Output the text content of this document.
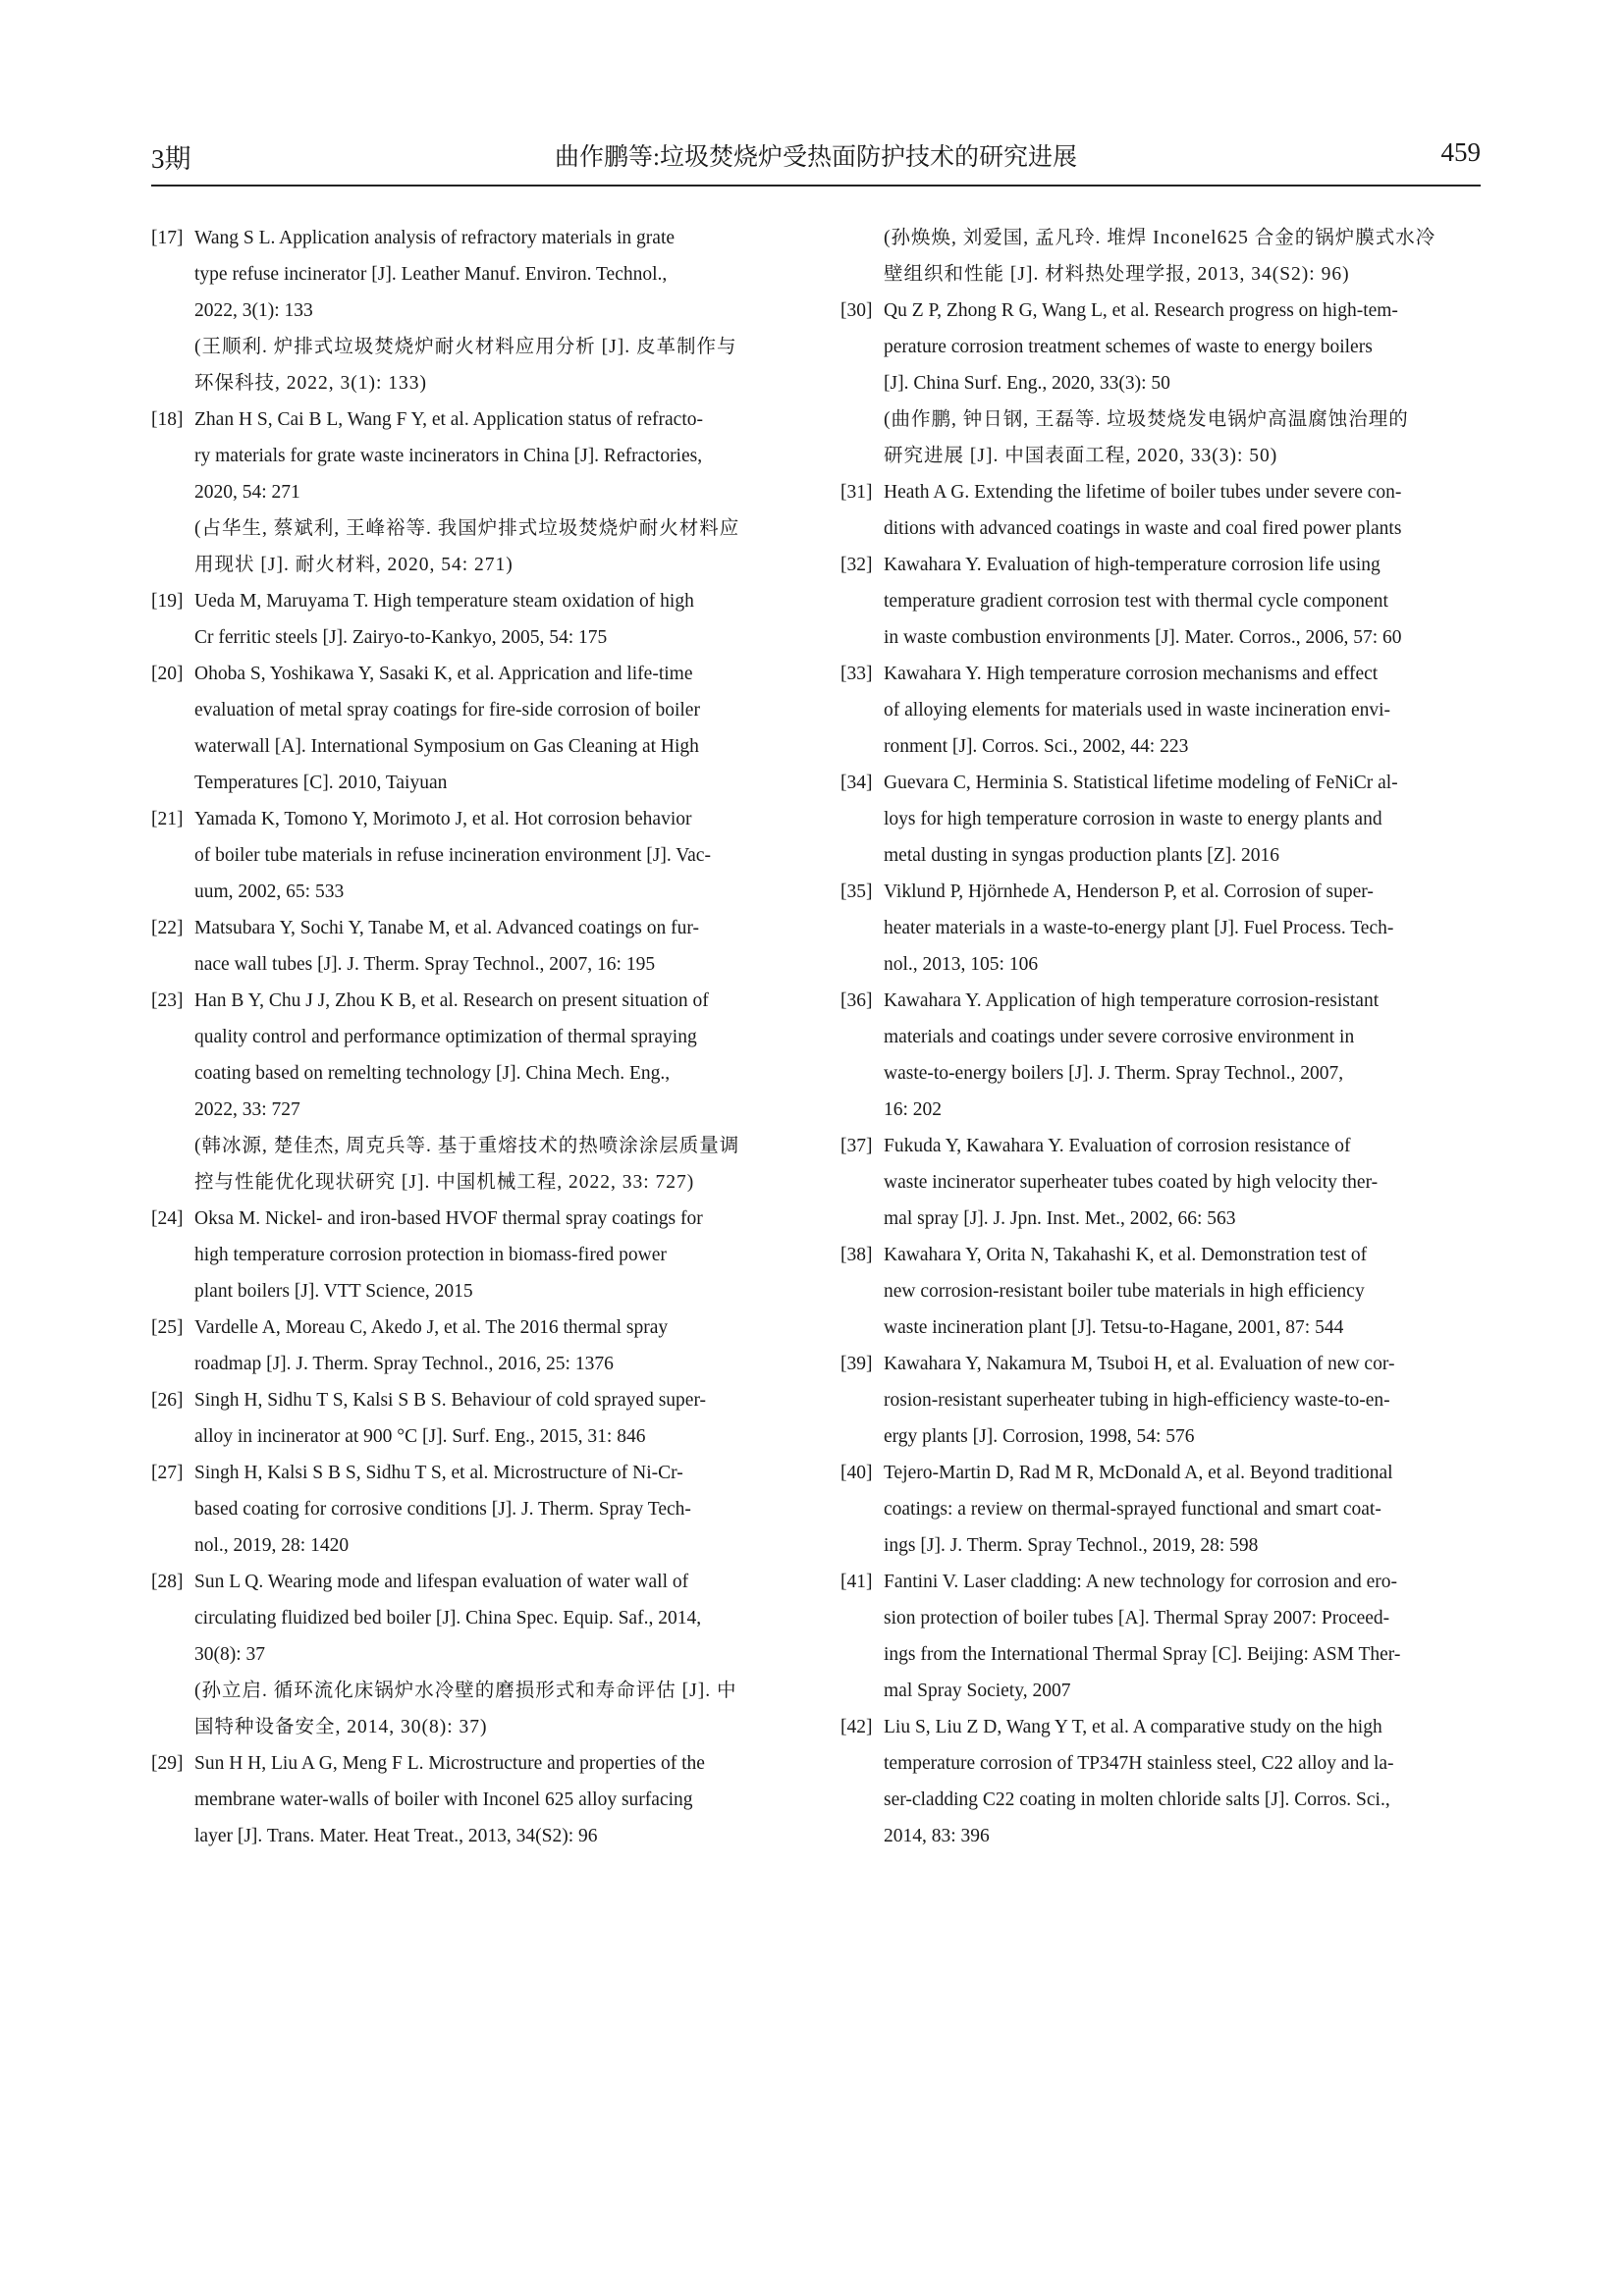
3期	曲作鹏等:垃圾焚烧炉受热面防护技术的研究进展	459
[17] Wang S L. Application analysis of refractory materials in grate
type refuse incinerator [J]. Leather Manuf. Environ. Technol.,
2022, 3(1): 133
(王顺利. 炉排式垃圾焚烧炉耐火材料应用分析 [J]. 皮革制作与
环保科技, 2022, 3(1): 133)
[18] Zhan H S, Cai B L, Wang F Y, et al. Application status of refracto-
ry materials for grate waste incinerators in China [J]. Refractories,
2020, 54: 271
(占华生, 蔡斌利, 王峰裕等. 我国炉排式垃圾焚烧炉耐火材料应
用现状 [J]. 耐火材料, 2020, 54: 271)
[19] Ueda M, Maruyama T. High temperature steam oxidation of high
Cr ferritic steels [J]. Zairyo-to-Kankyo, 2005, 54: 175
[20] Ohoba S, Yoshikawa Y, Sasaki K, et al. Apprication and life-time
evaluation of metal spray coatings for fire-side corrosion of boiler
waterwall [A]. International Symposium on Gas Cleaning at High
Temperatures [C]. 2010, Taiyuan
[21] Yamada K, Tomono Y, Morimoto J, et al. Hot corrosion behavior
of boiler tube materials in refuse incineration environment [J]. Vac-
uum, 2002, 65: 533
[22] Matsubara Y, Sochi Y, Tanabe M, et al. Advanced coatings on fur-
nace wall tubes [J]. J. Therm. Spray Technol., 2007, 16: 195
[23] Han B Y, Chu J J, Zhou K B, et al. Research on present situation of
quality control and performance optimization of thermal spraying
coating based on remelting technology [J]. China Mech. Eng.,
2022, 33: 727
(韩冰源, 楚佳杰, 周克兵等. 基于重熔技术的热喷涂涂层质量调
控与性能优化现状研究 [J]. 中国机械工程, 2022, 33: 727)
[24] Oksa M. Nickel- and iron-based HVOF thermal spray coatings for
high temperature corrosion protection in biomass-fired power
plant boilers [J]. VTT Science, 2015
[25] Vardelle A, Moreau C, Akedo J, et al. The 2016 thermal spray
roadmap [J]. J. Therm. Spray Technol., 2016, 25: 1376
[26] Singh H, Sidhu T S, Kalsi S B S. Behaviour of cold sprayed super-
alloy in incinerator at 900 °C [J]. Surf. Eng., 2015, 31: 846
[27] Singh H, Kalsi S B S, Sidhu T S, et al. Microstructure of Ni-Cr-
based coating for corrosive conditions [J]. J. Therm. Spray Tech-
nol., 2019, 28: 1420
[28] Sun L Q. Wearing mode and lifespan evaluation of water wall of
circulating fluidized bed boiler [J]. China Spec. Equip. Saf., 2014,
30(8): 37
(孙立启. 循环流化床锅炉水冷壁的磨损形式和寿命评估 [J]. 中
国特种设备安全, 2014, 30(8): 37)
[29] Sun H H, Liu A G, Meng F L. Microstructure and properties of the
membrane water-walls of boiler with Inconel 625 alloy surfacing
layer [J]. Trans. Mater. Heat Treat., 2013, 34(S2): 96
(孙焕焕, 刘爱国, 孟凡玲. 堆焊 Inconel625 合金的锅炉膜式水冷
壁组织和性能 [J]. 材料热处理学报, 2013, 34(S2): 96)
[30] Qu Z P, Zhong R G, Wang L, et al. Research progress on high-tem-
perature corrosion treatment schemes of waste to energy boilers
[J]. China Surf. Eng., 2020, 33(3): 50
(曲作鹏, 钟日钢, 王磊等. 垃圾焚烧发电锅炉高温腐蚀治理的
研究进展 [J]. 中国表面工程, 2020, 33(3): 50)
[31] Heath A G. Extending the lifetime of boiler tubes under severe con-
ditions with advanced coatings in waste and coal fired power plants
[32] Kawahara Y. Evaluation of high-temperature corrosion life using
temperature gradient corrosion test with thermal cycle component
in waste combustion environments [J]. Mater. Corros., 2006, 57: 60
[33] Kawahara Y. High temperature corrosion mechanisms and effect
of alloying elements for materials used in waste incineration envi-
ronment [J]. Corros. Sci., 2002, 44: 223
[34] Guevara C, Herminia S. Statistical lifetime modeling of FeNiCr al-
loys for high temperature corrosion in waste to energy plants and
metal dusting in syngas production plants [Z]. 2016
[35] Viklund P, Hjörnhede A, Henderson P, et al. Corrosion of super-
heater materials in a waste-to-energy plant [J]. Fuel Process. Tech-
nol., 2013, 105: 106
[36] Kawahara Y. Application of high temperature corrosion-resistant
materials and coatings under severe corrosive environment in
waste-to-energy boilers [J]. J. Therm. Spray Technol., 2007,
16: 202
[37] Fukuda Y, Kawahara Y. Evaluation of corrosion resistance of
waste incinerator superheater tubes coated by high velocity ther-
mal spray [J]. J. Jpn. Inst. Met., 2002, 66: 563
[38] Kawahara Y, Orita N, Takahashi K, et al. Demonstration test of
new corrosion-resistant boiler tube materials in high efficiency
waste incineration plant [J]. Tetsu-to-Hagane, 2001, 87: 544
[39] Kawahara Y, Nakamura M, Tsuboi H, et al. Evaluation of new cor-
rosion-resistant superheater tubing in high-efficiency waste-to-en-
ergy plants [J]. Corrosion, 1998, 54: 576
[40] Tejero-Martin D, Rad M R, McDonald A, et al. Beyond traditional
coatings: a review on thermal-sprayed functional and smart coat-
ings [J]. J. Therm. Spray Technol., 2019, 28: 598
[41] Fantini V. Laser cladding: A new technology for corrosion and ero-
sion protection of boiler tubes [A]. Thermal Spray 2007: Proceed-
ings from the International Thermal Spray [C]. Beijing: ASM Ther-
mal Spray Society, 2007
[42] Liu S, Liu Z D, Wang Y T, et al. A comparative study on the high
temperature corrosion of TP347H stainless steel, C22 alloy and la-
ser-cladding C22 coating in molten chloride salts [J]. Corros. Sci.,
2014, 83: 396
